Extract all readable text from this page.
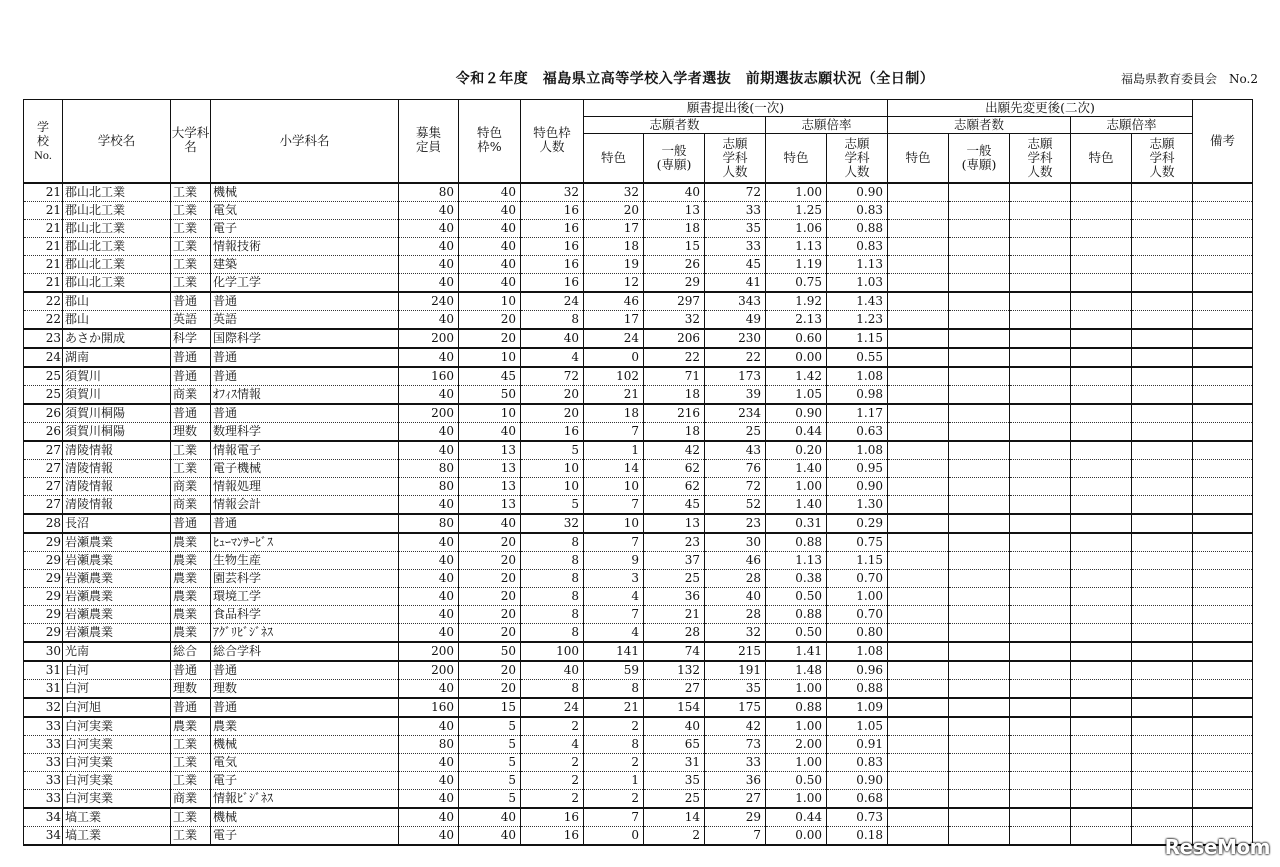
令和２年度　福島県立高等学校入学者選抜　前期選抜志願状況（全日制）	福島県教育委員会　No.2
学校No.	学校名	大学科名	小学科名	募集定員	特色枠%	特色枠人数	願書提出後(一次)					出願先変更後(二次)					備考
							志願者数			志願倍率		志願者数			志願倍率		
							特色	一般(専願)	志願学科人数	特色	志願学科人数	特色	一般(専願)	志願学科人数	特色	志願学科人数	
21	郡山北工業	工業	機械	80	40	32	32	40	72	1.00	0.90						
21	郡山北工業	工業	電気	40	40	16	20	13	33	1.25	0.83						
21	郡山北工業	工業	電子	40	40	16	17	18	35	1.06	0.88						
21	郡山北工業	工業	情報技術	40	40	16	18	15	33	1.13	0.83						
21	郡山北工業	工業	建築	40	40	16	19	26	45	1.19	1.13						
21	郡山北工業	工業	化学工学	40	40	16	12	29	41	0.75	1.03						
22	郡山	普通	普通	240	10	24	46	297	343	1.92	1.43						
22	郡山	英語	英語	40	20	8	17	32	49	2.13	1.23						
23	あさか開成	科学	国際科学	200	20	40	24	206	230	0.60	1.15						
24	湖南	普通	普通	40	10	4	0	22	22	0.00	0.55						
25	須賀川	普通	普通	160	45	72	102	71	173	1.42	1.08						
25	須賀川	商業	ｵﾌｨｽ情報	40	50	20	21	18	39	1.05	0.98						
26	須賀川桐陽	普通	普通	200	10	20	18	216	234	0.90	1.17						
26	須賀川桐陽	理数	数理科学	40	40	16	7	18	25	0.44	0.63						
27	清陵情報	工業	情報電子	40	13	5	1	42	43	0.20	1.08						
27	清陵情報	工業	電子機械	80	13	10	14	62	76	1.40	0.95						
27	清陵情報	商業	情報処理	80	13	10	10	62	72	1.00	0.90						
27	清陵情報	商業	情報会計	40	13	5	7	45	52	1.40	1.30						
28	長沼	普通	普通	80	40	32	10	13	23	0.31	0.29						
29	岩瀬農業	農業	ﾋｭｰﾏﾝｻｰﾋﾞｽ	40	20	8	7	23	30	0.88	0.75						
29	岩瀬農業	農業	生物生産	40	20	8	9	37	46	1.13	1.15						
29	岩瀬農業	農業	園芸科学	40	20	8	3	25	28	0.38	0.70						
29	岩瀬農業	農業	環境工学	40	20	8	4	36	40	0.50	1.00						
29	岩瀬農業	農業	食品科学	40	20	8	7	21	28	0.88	0.70						
29	岩瀬農業	農業	ｱｸﾞﾘﾋﾞｼﾞﾈｽ	40	20	8	4	28	32	0.50	0.80						
30	光南	総合	総合学科	200	50	100	141	74	215	1.41	1.08						
31	白河	普通	普通	200	20	40	59	132	191	1.48	0.96						
31	白河	理数	理数	40	20	8	8	27	35	1.00	0.88						
32	白河旭	普通	普通	160	15	24	21	154	175	0.88	1.09						
33	白河実業	農業	農業	40	5	2	2	40	42	1.00	1.05						
33	白河実業	工業	機械	80	5	4	8	65	73	2.00	0.91						
33	白河実業	工業	電気	40	5	2	2	31	33	1.00	0.83						
33	白河実業	工業	電子	40	5	2	1	35	36	0.50	0.90						
33	白河実業	商業	情報ﾋﾞｼﾞﾈｽ	40	5	2	2	25	27	1.00	0.68						
34	塙工業	工業	機械	40	40	16	7	14	29	0.44	0.73						
34	塙工業	工業	電子	40	40	16	0	2	7	0.00	0.18							ReseMom
